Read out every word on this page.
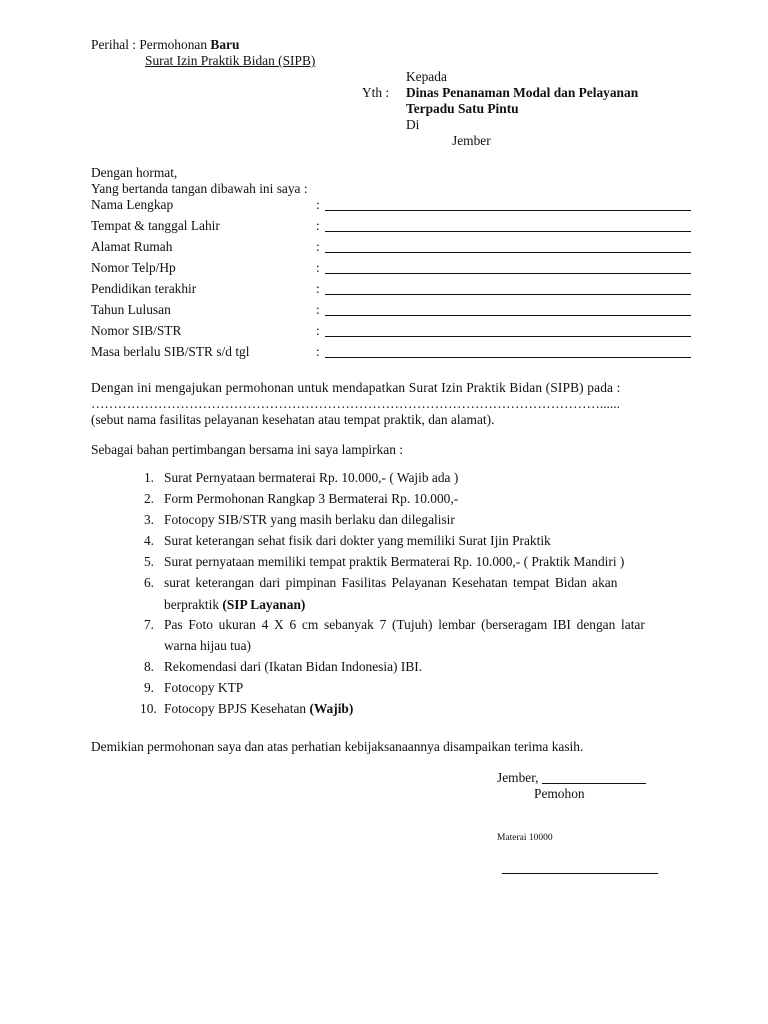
Perihal : Permohonan Baru
Surat Izin Praktik Bidan (SIPB)
Kepada
Yth : Dinas Penanaman Modal dan Pelayanan
Terpadu Satu Pintu
Di
Jember
Dengan hormat,
Yang bertanda tangan dibawah ini saya :
Nama Lengkap	:
Tempat & tanggal Lahir	:
Alamat Rumah	:
Nomor Telp/Hp	:
Pendidikan terakhir	:
Tahun Lulusan	:
Nomor SIB/STR	:
Masa berlalu SIB/STR s/d tgl	:
Dengan ini mengajukan permohonan untuk mendapatkan Surat Izin Praktik Bidan (SIPB) pada :
……………………………………………………………………………………………………......
(sebut nama fasilitas pelayanan kesehatan atau tempat praktik, dan alamat).
Sebagai bahan pertimbangan bersama ini saya lampirkan :
1. Surat Pernyataan bermaterai Rp. 10.000,- ( Wajib ada )
2. Form Permohonan Rangkap 3 Bermaterai Rp. 10.000,-
3. Fotocopy SIB/STR yang masih berlaku dan dilegalisir
4. Surat keterangan sehat fisik dari dokter yang memiliki Surat Ijin Praktik
5. Surat pernyataan memiliki tempat praktik Bermaterai Rp. 10.000,- ( Praktik Mandiri )
6. surat keterangan dari pimpinan Fasilitas Pelayanan Kesehatan tempat Bidan akan
berpraktik (SIP Layanan)
7. Pas Foto ukuran 4 X 6 cm sebanyak 7 (Tujuh) lembar (berseragam IBI dengan latar
warna hijau tua)
8. Rekomendasi dari (Ikatan Bidan Indonesia) IBI.
9. Fotocopy KTP
10. Fotocopy BPJS Kesehatan (Wajib)
Demikian permohonan saya dan atas perhatian kebijaksanaannya disampaikan terima kasih.
Jember,
Pemohon
Materai 10000
